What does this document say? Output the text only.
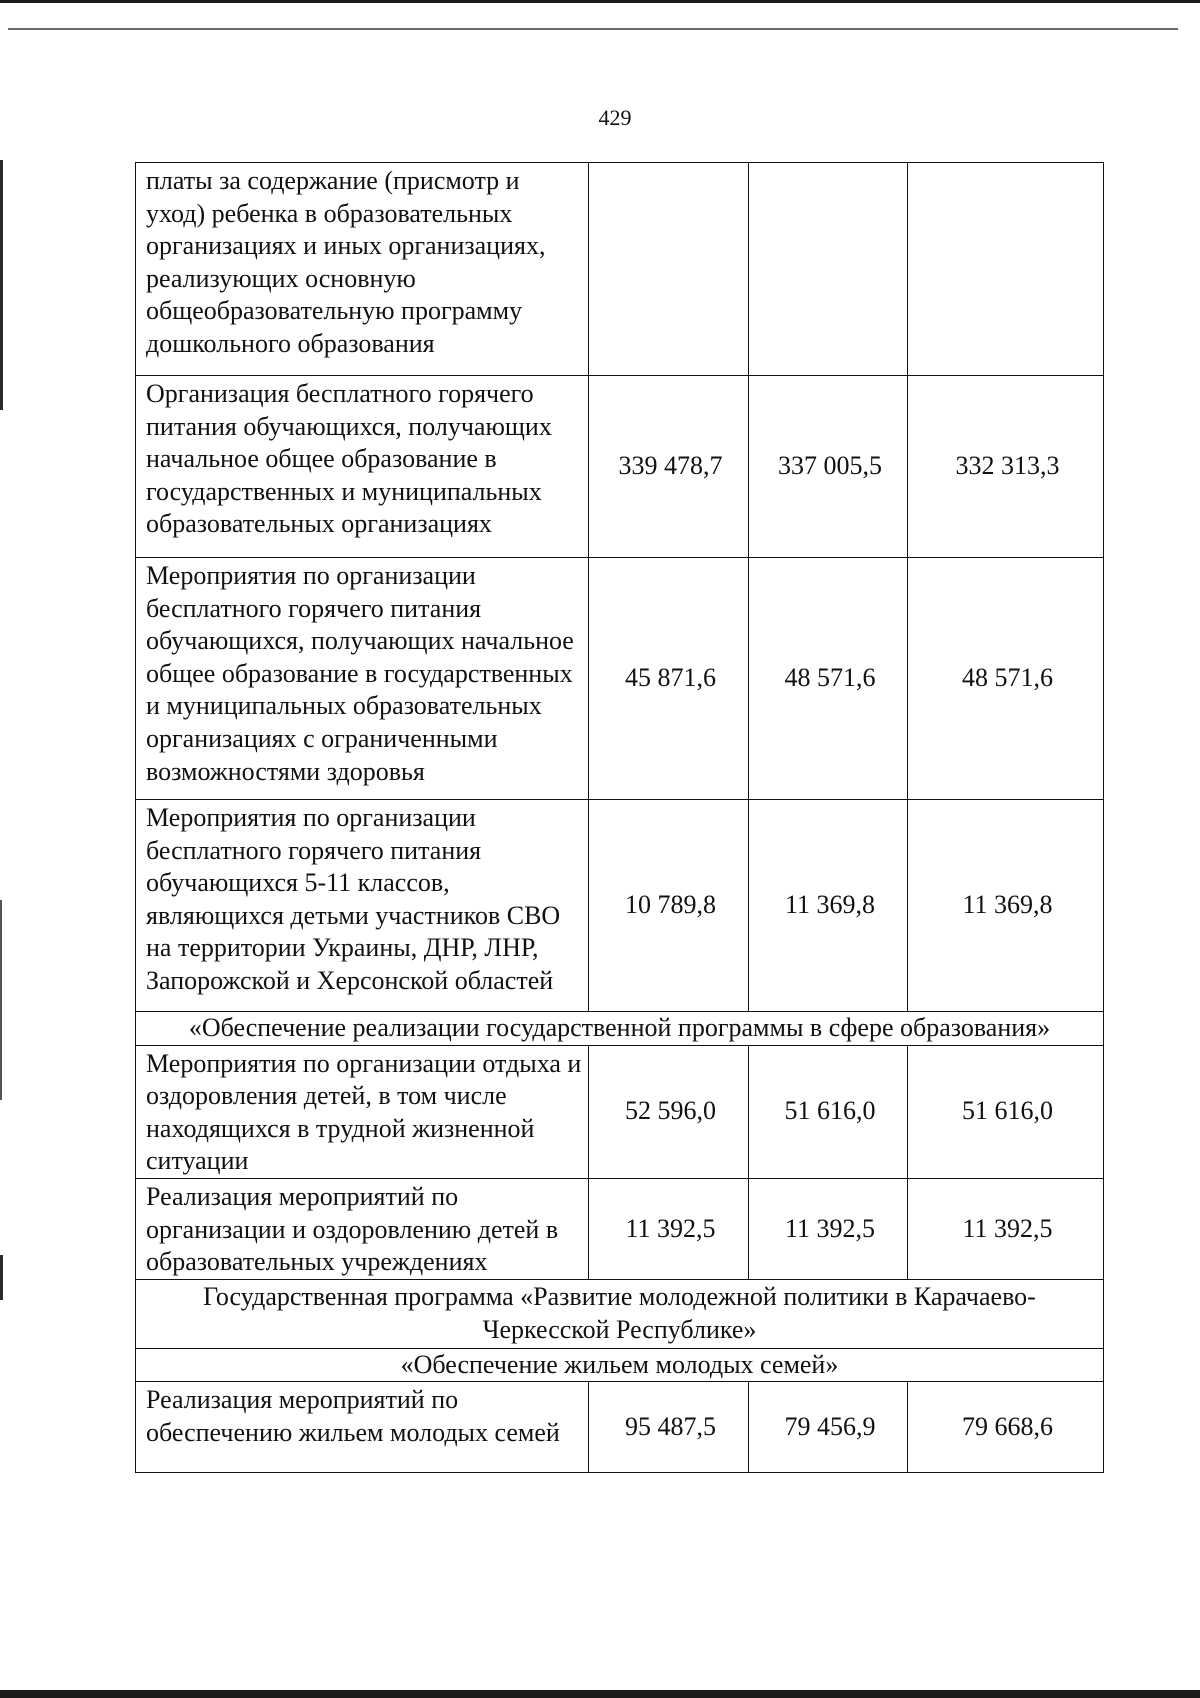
429
платы за содержание (присмотр и уход) ребенка в образовательных организациях и иных организациях, реализующих основную общеобразовательную программу дошкольного образования			
Организация бесплатного горячего питания обучающихся, получающих начальное общее образование в государственных и муниципальных образовательных организациях	339 478,7	337 005,5	332 313,3
Мероприятия по организации бесплатного горячего питания обучающихся, получающих начальное общее образование в государственных и муниципальных образовательных организациях с ограниченными возможностями здоровья	45 871,6	48 571,6	48 571,6
Мероприятия по организации бесплатного горячего питания обучающихся 5-11 классов, являющихся детьми участников СВО на территории Украины, ДНР, ЛНР, Запорожской и Херсонской областей	10 789,8	11 369,8	11 369,8
«Обеспечение реализации государственной программы в сфере образования»			
Мероприятия по организации отдыха и оздоровления детей, в том числе находящихся в трудной жизненной ситуации	52 596,0	51 616,0	51 616,0
Реализация мероприятий по организации и оздоровлению детей в образовательных учреждениях	11 392,5	11 392,5	11 392,5
Государственная программа «Развитие молодежной политики в Карачаево-Черкесской Республике»			
«Обеспечение жильем молодых семей»			
Реализация мероприятий по обеспечению жильем молодых семей	95 487,5	79 456,9	79 668,6
